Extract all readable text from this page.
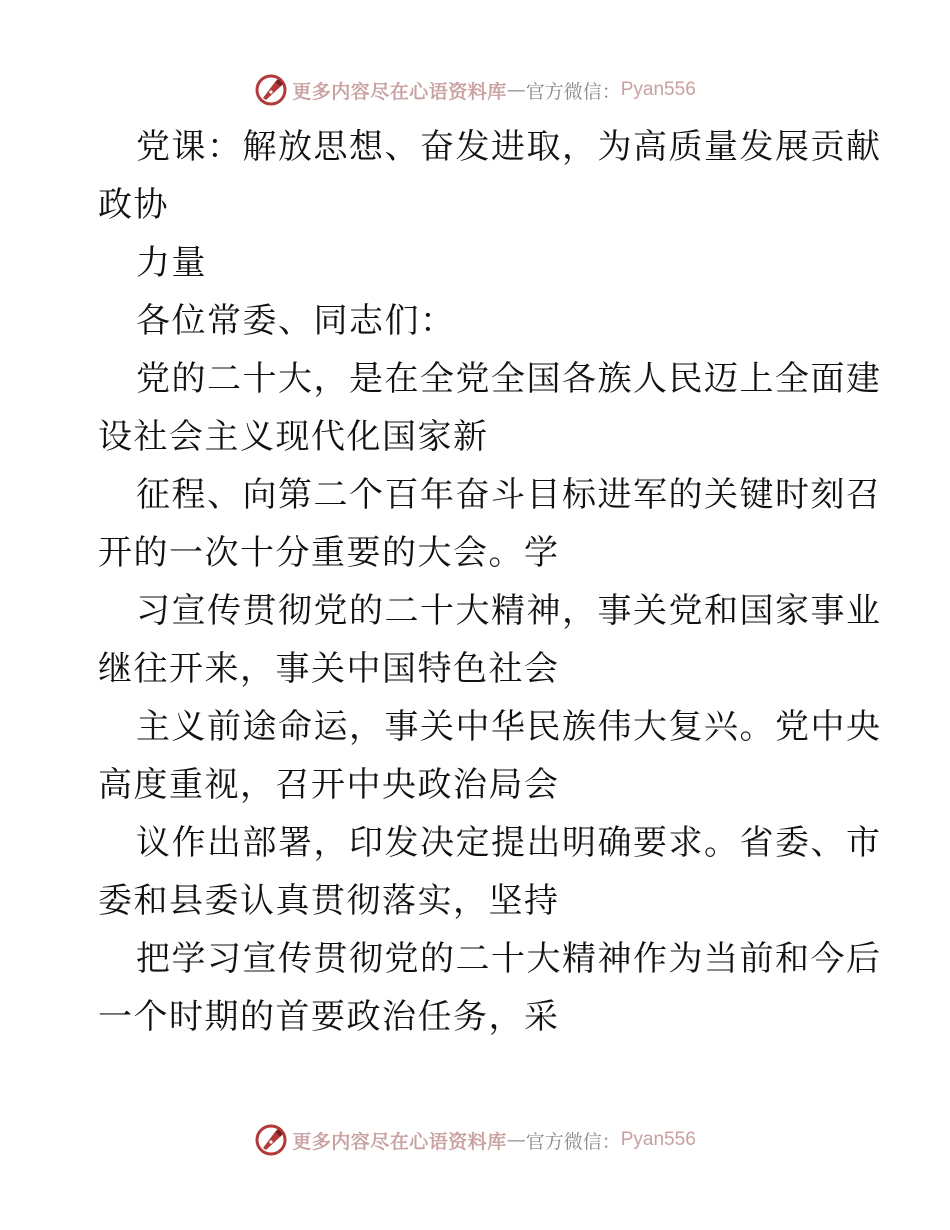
更多内容尽在心语资料库 — 官方微信： Pyan556
党课：解放思想、奋发进取，为高质量发展贡献
政协
力量
各位常委、同志们：
党的二十大，是在全党全国各族人民迈上全面建
设社会主义现代化国家新
征程、向第二个百年奋斗目标进军的关键时刻召
开的一次十分重要的大会。学
习宣传贯彻党的二十大精神，事关党和国家事业
继往开来，事关中国特色社会
主义前途命运，事关中华民族伟大复兴。党中央
高度重视，召开中央政治局会
议作出部署，印发决定提出明确要求。省委、市
委和县委认真贯彻落实，坚持
把学习宣传贯彻党的二十大精神作为当前和今后
一个时期的首要政治任务，采
更多内容尽在心语资料库 — 官方微信： Pyan556
